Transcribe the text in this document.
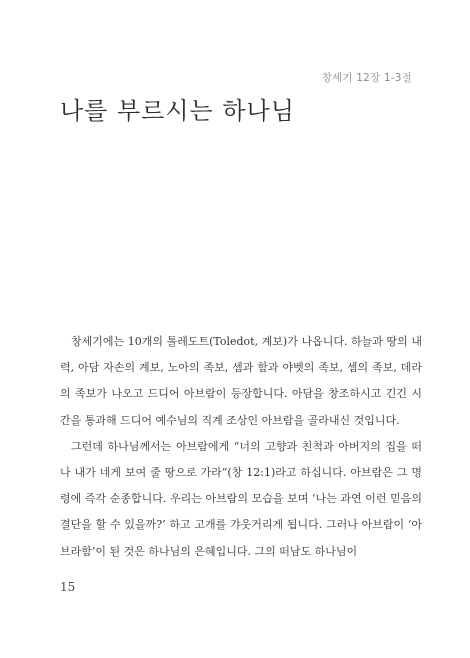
창세기 12장 1-3절
나를 부르시는 하나님

창세기에는 10개의 톨레도트(Toledot, 계보)가 나옵니다. 하늘과 땅의 내력, 아담 자손의 계보, 노아의 족보, 셈과 함과 야벳의 족보, 셈의 족보, 데라의 족보가 나오고 드디어 아브람이 등장합니다. 아담을 창조하시고 긴긴 시간을 통과해 드디어 예수님의 직계 조상인 아브람을 골라내신 것입니다.

그런데 하나님께서는 아브람에게 “너의 고향과 친척과 아버지의 집을 떠나 내가 네게 보여 줄 땅으로 가라”(창 12:1)라고 하십니다. 아브람은 그 명령에 즉각 순종합니다. 우리는 아브람의 모습을 보며 ‘나는 과연 이런 믿음의 결단을 할 수 있을까?’ 하고 고개를 갸웃거리게 됩니다. 그러나 아브람이 ‘아브라함’이 된 것은 하나님의 은혜입니다. 그의 떠남도 하나님이

15
